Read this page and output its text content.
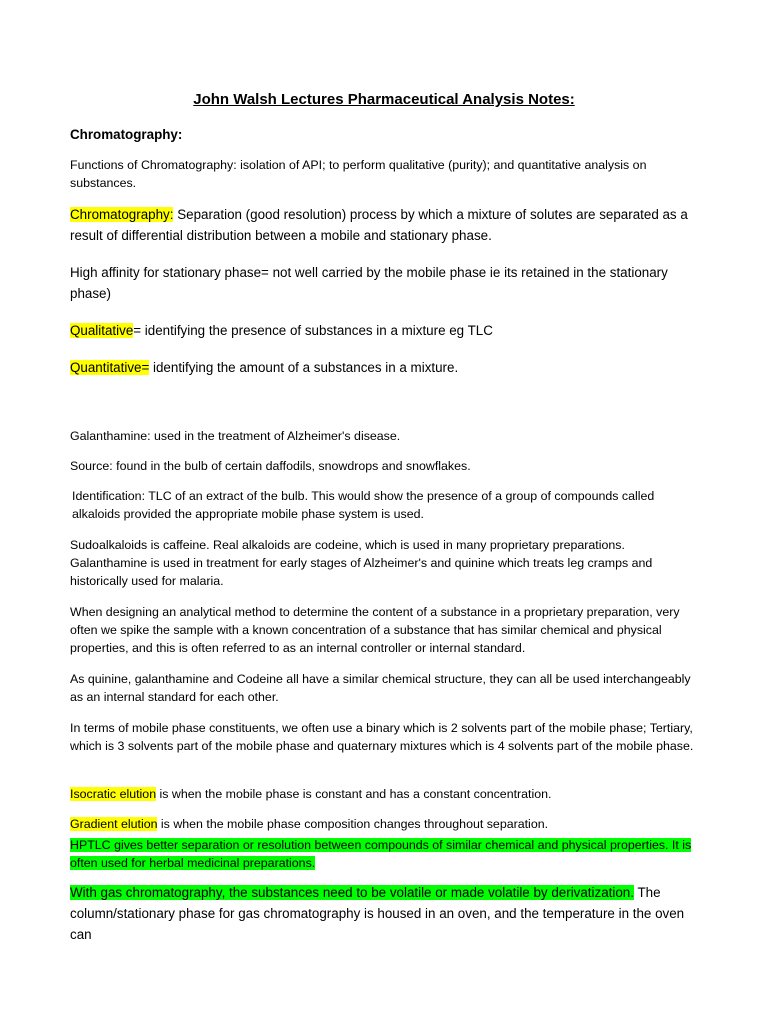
John Walsh Lectures Pharmaceutical Analysis Notes:

Chromatography:

Functions of Chromatography: isolation of API; to perform qualitative (purity); and quantitative analysis on substances.

Chromatography: Separation (good resolution) process by which a mixture of solutes are separated as a result of differential distribution between a mobile and stationary phase.

High affinity for stationary phase= not well carried by the mobile phase ie its retained in the stationary phase)

Qualitative= identifying the presence of substances in a mixture eg TLC

Quantitative= identifying the amount of a substances in a mixture.

Galanthamine: used in the treatment of Alzheimer's disease.

Source: found in the bulb of certain daffodils, snowdrops and snowflakes.

Identification: TLC of an extract of the bulb. This would show the presence of a group of compounds called alkaloids provided the appropriate mobile phase system is used.

Sudoalkaloids is caffeine. Real alkaloids are codeine, which is used in many proprietary preparations. Galanthamine is used in treatment for early stages of Alzheimer's and quinine which treats leg cramps and historically used for malaria.

When designing an analytical method to determine the content of a substance in a proprietary preparation, very often we spike the sample with a known concentration of a substance that has similar chemical and physical properties, and this is often referred to as an internal controller or internal standard.

As quinine, galanthamine and Codeine all have a similar chemical structure, they can all be used interchangeably as an internal standard for each other.

In terms of mobile phase constituents, we often use a binary which is 2 solvents part of the mobile phase; Tertiary, which is 3 solvents part of the mobile phase and quaternary mixtures which is 4 solvents part of the mobile phase.

Isocratic elution is when the mobile phase is constant and has a constant concentration.

Gradient elution is when the mobile phase composition changes throughout separation.

HPTLC gives better separation or resolution between compounds of similar chemical and physical properties. It is often used for herbal medicinal preparations.

With gas chromatography, the substances need to be volatile or made volatile by derivatization. The column/stationary phase for gas chromatography is housed in an oven, and the temperature in the oven can
